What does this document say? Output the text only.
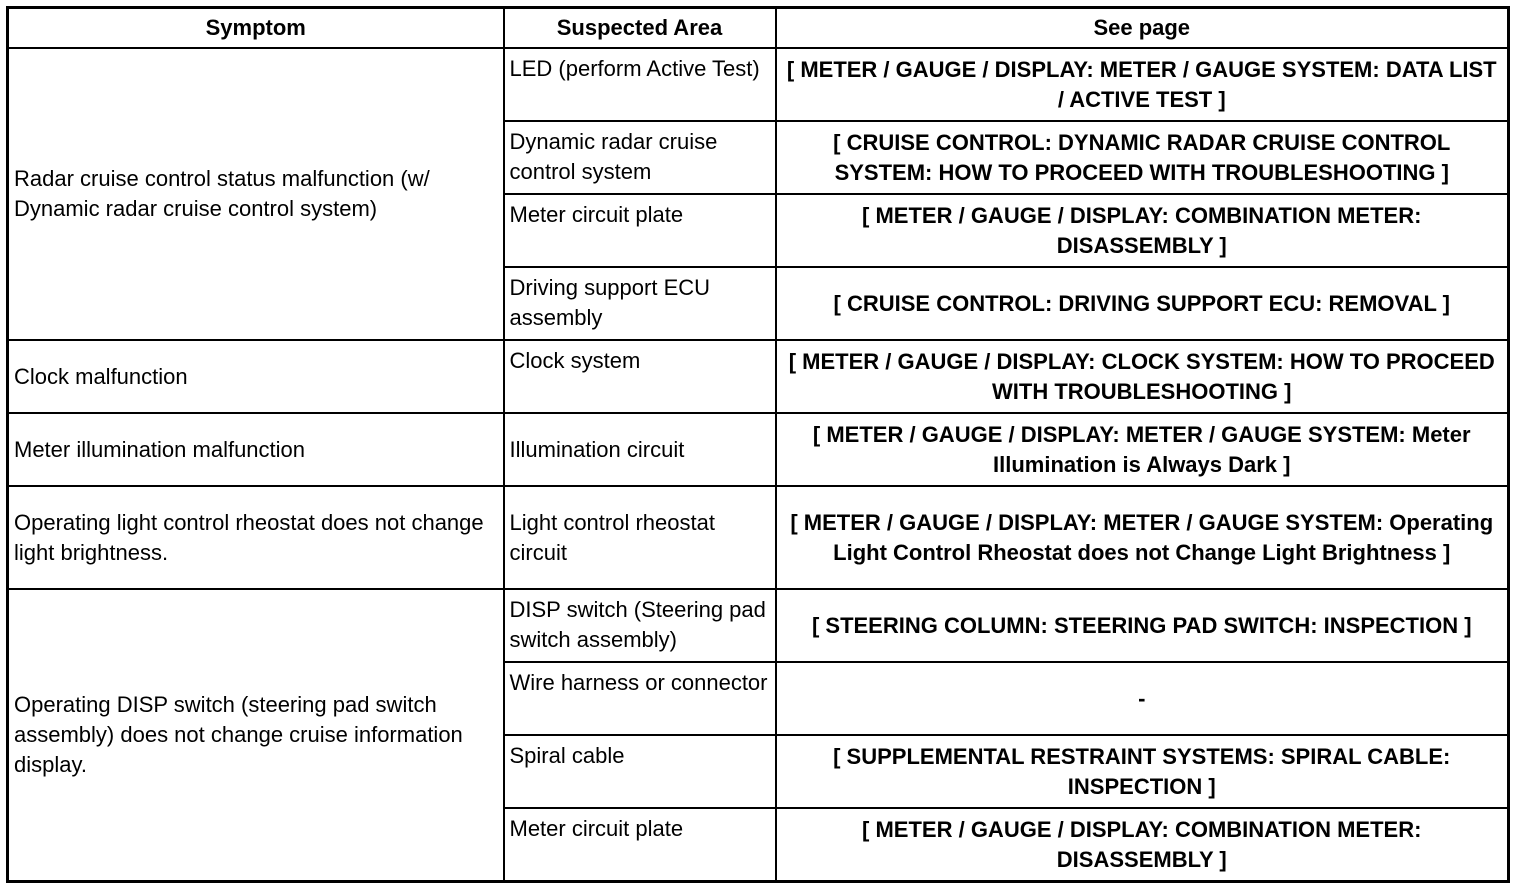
Symptom	Suspected Area	See page
Radar cruise control status malfunction (w/ Dynamic radar cruise control system)	LED (perform Active Test)	[ METER / GAUGE / DISPLAY: METER / GAUGE SYSTEM: DATA LIST / ACTIVE TEST ]
	Dynamic radar cruise control system	[ CRUISE CONTROL: DYNAMIC RADAR CRUISE CONTROL SYSTEM: HOW TO PROCEED WITH TROUBLESHOOTING ]
	Meter circuit plate	[ METER / GAUGE / DISPLAY: COMBINATION METER: DISASSEMBLY ]
	Driving support ECU assembly	[ CRUISE CONTROL: DRIVING SUPPORT ECU: REMOVAL ]
Clock malfunction	Clock system	[ METER / GAUGE / DISPLAY: CLOCK SYSTEM: HOW TO PROCEED WITH TROUBLESHOOTING ]
Meter illumination malfunction	Illumination circuit	[ METER / GAUGE / DISPLAY: METER / GAUGE SYSTEM: Meter Illumination is Always Dark ]
Operating light control rheostat does not change light brightness.	Light control rheostat circuit	[ METER / GAUGE / DISPLAY: METER / GAUGE SYSTEM: Operating Light Control Rheostat does not Change Light Brightness ]
Operating DISP switch (steering pad switch assembly) does not change cruise information display.	DISP switch (Steering pad switch assembly)	[ STEERING COLUMN: STEERING PAD SWITCH: INSPECTION ]
	Wire harness or connector	-
	Spiral cable	[ SUPPLEMENTAL RESTRAINT SYSTEMS: SPIRAL CABLE: INSPECTION ]
	Meter circuit plate	[ METER / GAUGE / DISPLAY: COMBINATION METER: DISASSEMBLY ]
